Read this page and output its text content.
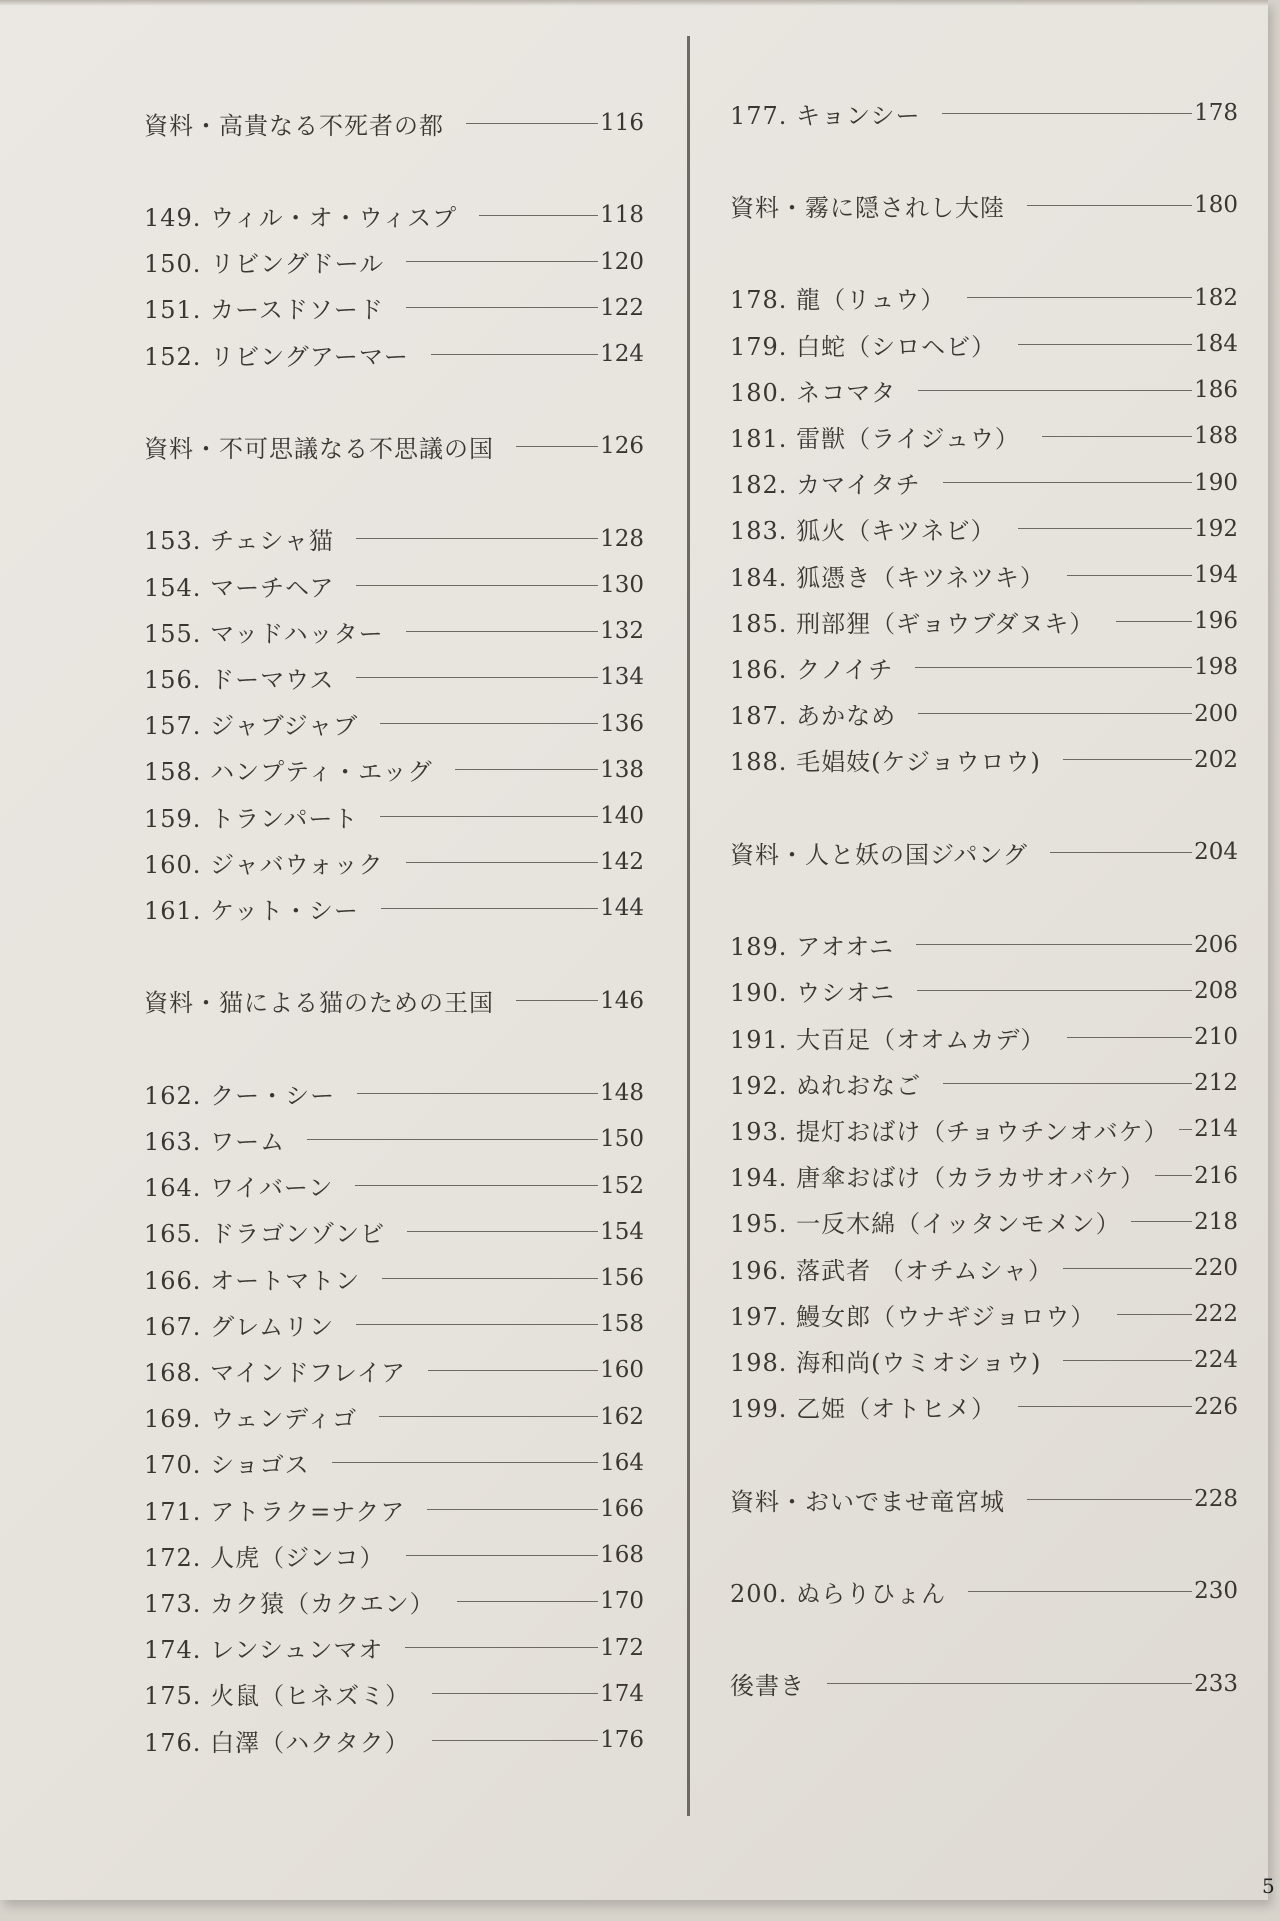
資料・高貴なる不死者の都	116
149. ウィル・オ・ウィスプ	118
150. リビングドール	120
151. カースドソード	122
152. リビングアーマー	124
資料・不可思議なる不思議の国	126
153. チェシャ猫	128
154. マーチヘア	130
155. マッドハッター	132
156. ドーマウス	134
157. ジャブジャブ	136
158. ハンプティ・エッグ	138
159. トランパート	140
160. ジャバウォック	142
161. ケット・シー	144
資料・猫による猫のための王国	146
162. クー・シー	148
163. ワーム	150
164. ワイバーン	152
165. ドラゴンゾンビ	154
166. オートマトン	156
167. グレムリン	158
168. マインドフレイア	160
169. ウェンディゴ	162
170. ショゴス	164
171. アトラク=ナクア	166
172. 人虎（ジンコ）	168
173. カク猿（カクエン）	170
174. レンシュンマオ	172
175. 火鼠（ヒネズミ）	174
176. 白澤（ハクタク）	176
177. キョンシー	178
資料・霧に隠されし大陸	180
178. 龍（リュウ）	182
179. 白蛇（シロヘビ）	184
180. ネコマタ	186
181. 雷獣（ライジュウ）	188
182. カマイタチ	190
183. 狐火（キツネビ）	192
184. 狐憑き（キツネツキ）	194
185. 刑部狸（ギョウブダヌキ）	196
186. クノイチ	198
187. あかなめ	200
188. 毛娼妓(ケジョウロウ)	202
資料・人と妖の国ジパング	204
189. アオオニ	206
190. ウシオニ	208
191. 大百足（オオムカデ）	210
192. ぬれおなご	212
193. 提灯おばけ（チョウチンオバケ） 214
194. 唐傘おばけ（カラカサオバケ） 216
195. 一反木綿（イッタンモメン）	218
196. 落武者 （オチムシャ）	220
197. 鰻女郎（ウナギジョロウ）	222
198. 海和尚(ウミオショウ)	224
199. 乙姫（オトヒメ）	226
資料・おいでませ竜宮城	228
200. ぬらりひょん	230
後書き	233
5
